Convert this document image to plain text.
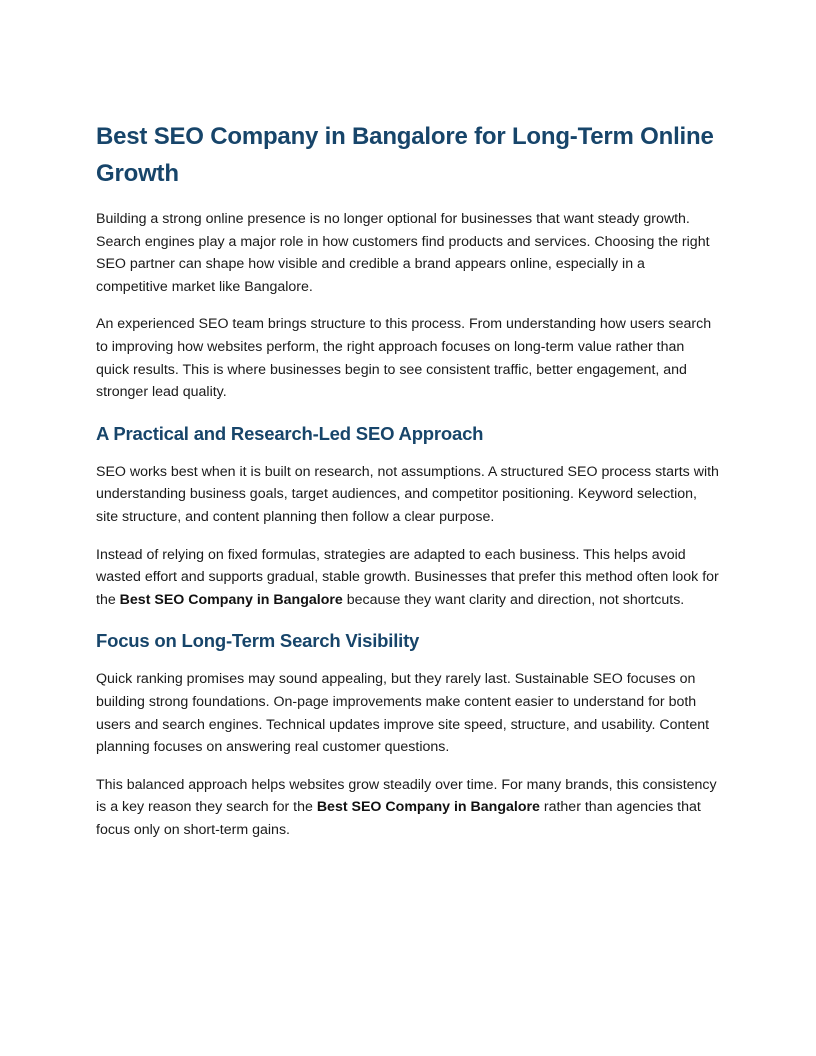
Best SEO Company in Bangalore for Long-Term Online Growth

Building a strong online presence is no longer optional for businesses that want steady growth. Search engines play a major role in how customers find products and services. Choosing the right SEO partner can shape how visible and credible a brand appears online, especially in a competitive market like Bangalore.

An experienced SEO team brings structure to this process. From understanding how users search to improving how websites perform, the right approach focuses on long-term value rather than quick results. This is where businesses begin to see consistent traffic, better engagement, and stronger lead quality.

A Practical and Research-Led SEO Approach

SEO works best when it is built on research, not assumptions. A structured SEO process starts with understanding business goals, target audiences, and competitor positioning. Keyword selection, site structure, and content planning then follow a clear purpose.

Instead of relying on fixed formulas, strategies are adapted to each business. This helps avoid wasted effort and supports gradual, stable growth. Businesses that prefer this method often look for the Best SEO Company in Bangalore because they want clarity and direction, not shortcuts.

Focus on Long-Term Search Visibility

Quick ranking promises may sound appealing, but they rarely last. Sustainable SEO focuses on building strong foundations. On-page improvements make content easier to understand for both users and search engines. Technical updates improve site speed, structure, and usability. Content planning focuses on answering real customer questions.

This balanced approach helps websites grow steadily over time. For many brands, this consistency is a key reason they search for the Best SEO Company in Bangalore rather than agencies that focus only on short-term gains.
